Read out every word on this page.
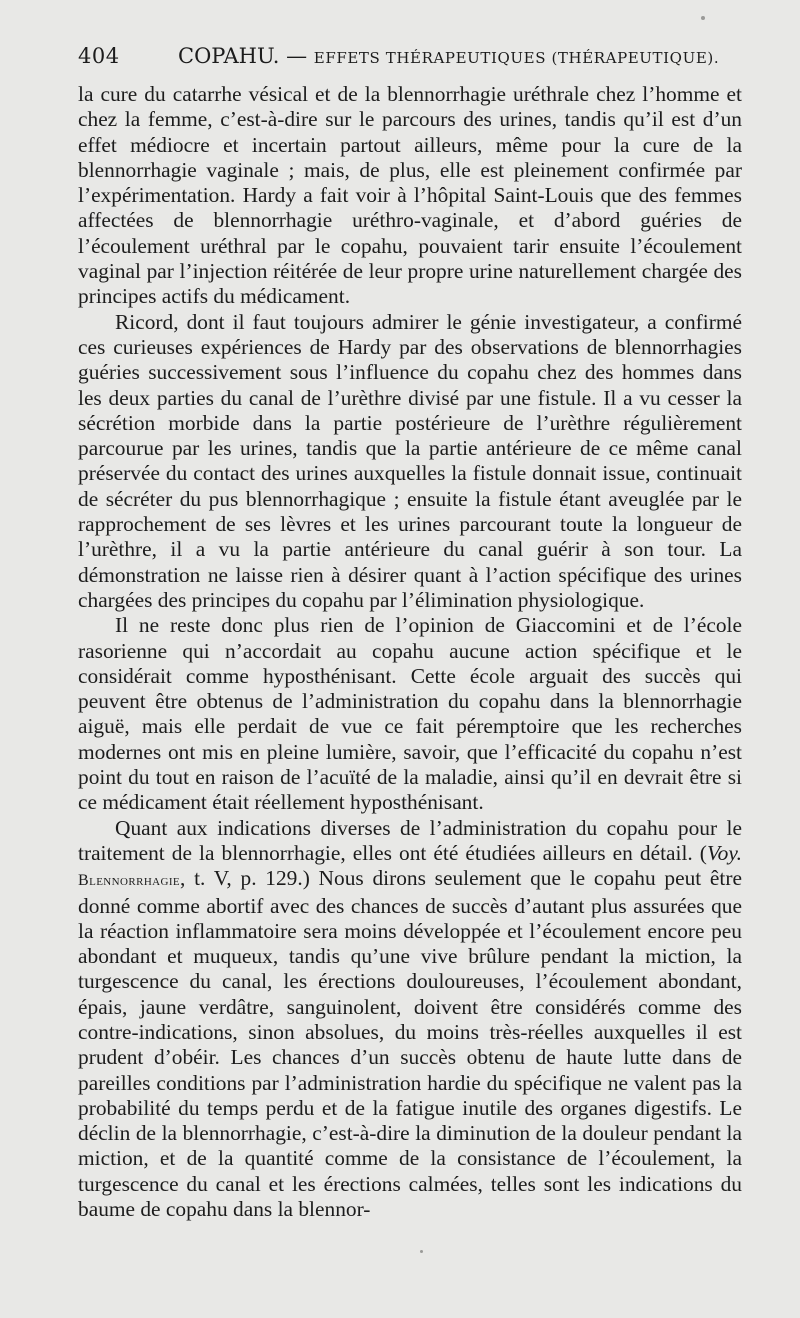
404	COPAHU. — EFFETS THÉRAPEUTIQUES (THÉRAPEUTIQUE).

la cure du catarrhe vésical et de la blennorrhagie uréthrale chez l’homme et chez la femme, c’est-à-dire sur le parcours des urines, tandis qu’il est d’un effet médiocre et incertain partout ailleurs, même pour la cure de la blennorrhagie vaginale ; mais, de plus, elle est pleinement confirmée par l’expérimentation. Hardy a fait voir à l’hôpital Saint-Louis que des femmes affectées de blennorrhagie uréthro-vaginale, et d’abord guéries de l’écoulement uréthral par le copahu, pouvaient tarir ensuite l’écoulement vaginal par l’injection réitérée de leur propre urine naturellement chargée des principes actifs du médicament.

Ricord, dont il faut toujours admirer le génie investigateur, a confirmé ces curieuses expériences de Hardy par des observations de blennorrhagies guéries successivement sous l’influence du copahu chez des hommes dans les deux parties du canal de l’urèthre divisé par une fistule. Il a vu cesser la sécrétion morbide dans la partie postérieure de l’urèthre régulièrement parcourue par les urines, tandis que la partie antérieure de ce même canal préservée du contact des urines auxquelles la fistule donnait issue, continuait de sécréter du pus blennorrhagique ; ensuite la fistule étant aveuglée par le rapprochement de ses lèvres et les urines parcourant toute la longueur de l’urèthre, il a vu la partie antérieure du canal guérir à son tour. La démonstration ne laisse rien à désirer quant à l’action spécifique des urines chargées des principes du copahu par l’élimination physiologique.

Il ne reste donc plus rien de l’opinion de Giaccomini et de l’école rasorienne qui n’accordait au copahu aucune action spécifique et le considérait comme hyposthénisant. Cette école arguait des succès qui peuvent être obtenus de l’administration du copahu dans la blennorrhagie aiguë, mais elle perdait de vue ce fait péremptoire que les recherches modernes ont mis en pleine lumière, savoir, que l’efficacité du copahu n’est point du tout en raison de l’acuïté de la maladie, ainsi qu’il en devrait être si ce médicament était réellement hyposthénisant.

Quant aux indications diverses de l’administration du copahu pour le traitement de la blennorrhagie, elles ont été étudiées ailleurs en détail. (Voy. Blennorrhagie, t. V, p. 129.) Nous dirons seulement que le copahu peut être donné comme abortif avec des chances de succès d’autant plus assurées que la réaction inflammatoire sera moins développée et l’écoulement encore peu abondant et muqueux, tandis qu’une vive brûlure pendant la miction, la turgescence du canal, les érections douloureuses, l’écoulement abondant, épais, jaune verdâtre, sanguinolent, doivent être considérés comme des contre-indications, sinon absolues, du moins très-réelles auxquelles il est prudent d’obéir. Les chances d’un succès obtenu de haute lutte dans de pareilles conditions par l’administration hardie du spécifique ne valent pas la probabilité du temps perdu et de la fatigue inutile des organes digestifs. Le déclin de la blennorrhagie, c’est-à-dire la diminution de la douleur pendant la miction, et de la quantité comme de la consistance de l’écoulement, la turgescence du canal et les érections calmées, telles sont les indications du baume de copahu dans la blennor-
